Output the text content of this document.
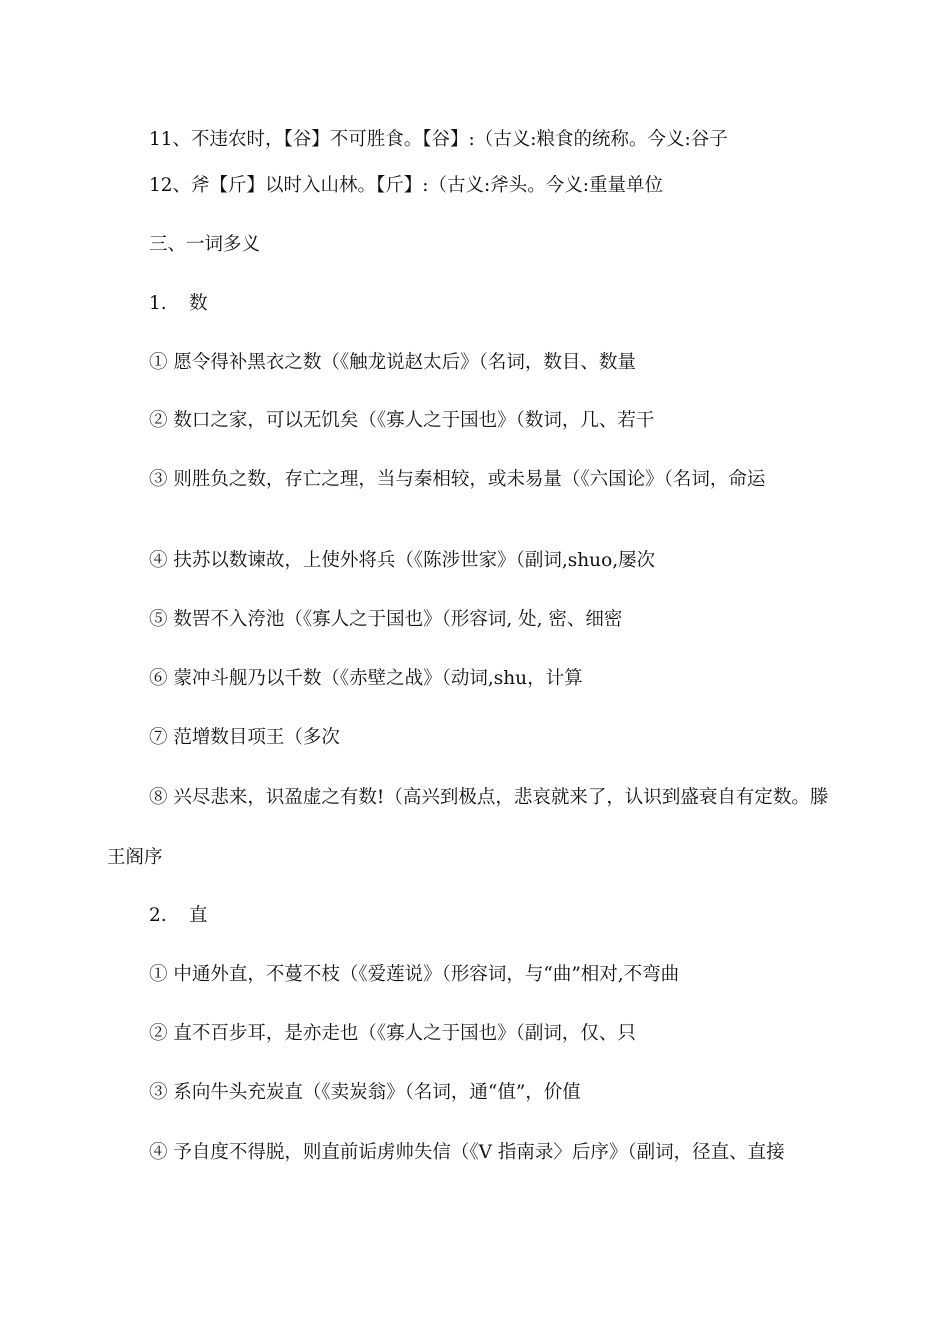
11、不违农时，【谷】不可胜食。【谷】:（古义:粮食的统称。今义:谷子
12、斧【斤】以时入山林。【斤】:（古义:斧头。今义:重量单位
三、一词多义
1. 数
① 愿令得补黑衣之数（《触龙说赵太后》（名词，数目、数量
② 数口之家，可以无饥矣（《寡人之于国也》（数词，几、若干
③ 则胜负之数，存亡之理，当与秦相较，或未易量（《六国论》（名词，命运
④ 扶苏以数谏故，上使外将兵（《陈涉世家》（副词,shuo,屡次
⑤ 数罟不入洿池（《寡人之于国也》（形容词, 处, 密、细密
⑥ 蒙冲斗舰乃以千数（《赤壁之战》（动词,shu，计算
⑦ 范增数目项王（多次
⑧ 兴尽悲来，识盈虚之有数!（高兴到极点，悲哀就来了，认识到盛衰自有定数。滕
王阁序
2. 直
① 中通外直，不蔓不枝（《爱莲说》（形容词，与“曲”相对,不弯曲
② 直不百步耳，是亦走也（《寡人之于国也》（副词，仅、只
③ 系向牛头充炭直（《卖炭翁》（名词，通“值”，价值
④ 予自度不得脱，则直前诟虏帅失信（《V 指南录〉后序》（副词，径直、直接
